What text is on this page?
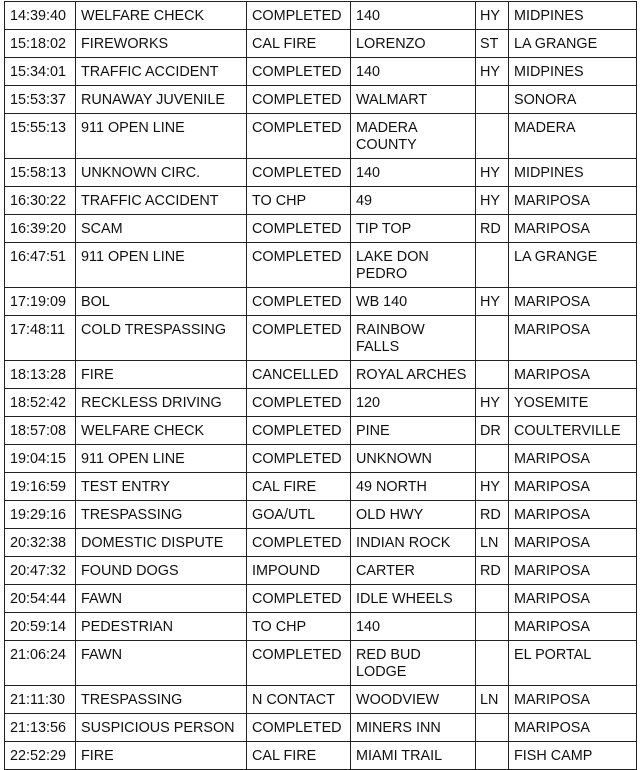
14:39:40	WELFARE CHECK	COMPLETED	140	HY	MIDPINES
15:18:02	FIREWORKS	CAL FIRE	LORENZO	ST	LA GRANGE
15:34:01	TRAFFIC ACCIDENT	COMPLETED	140	HY	MIDPINES
15:53:37	RUNAWAY JUVENILE	COMPLETED	WALMART		SONORA
15:55:13	911 OPEN LINE	COMPLETED	MADERA COUNTY		MADERA
15:58:13	UNKNOWN CIRC.	COMPLETED	140	HY	MIDPINES
16:30:22	TRAFFIC ACCIDENT	TO CHP	49	HY	MARIPOSA
16:39:20	SCAM	COMPLETED	TIP TOP	RD	MARIPOSA
16:47:51	911 OPEN LINE	COMPLETED	LAKE DON PEDRO		LA GRANGE
17:19:09	BOL	COMPLETED	WB 140	HY	MARIPOSA
17:48:11	COLD TRESPASSING	COMPLETED	RAINBOW FALLS		MARIPOSA
18:13:28	FIRE	CANCELLED	ROYAL ARCHES		MARIPOSA
18:52:42	RECKLESS DRIVING	COMPLETED	120	HY	YOSEMITE
18:57:08	WELFARE CHECK	COMPLETED	PINE	DR	COULTERVILLE
19:04:15	911 OPEN LINE	COMPLETED	UNKNOWN		MARIPOSA
19:16:59	TEST ENTRY	CAL FIRE	49 NORTH	HY	MARIPOSA
19:29:16	TRESPASSING	GOA/UTL	OLD HWY	RD	MARIPOSA
20:32:38	DOMESTIC DISPUTE	COMPLETED	INDIAN ROCK	LN	MARIPOSA
20:47:32	FOUND DOGS	IMPOUND	CARTER	RD	MARIPOSA
20:54:44	FAWN	COMPLETED	IDLE WHEELS		MARIPOSA
20:59:14	PEDESTRIAN	TO CHP	140		MARIPOSA
21:06:24	FAWN	COMPLETED	RED BUD LODGE		EL PORTAL
21:11:30	TRESPASSING	N CONTACT	WOODVIEW	LN	MARIPOSA
21:13:56	SUSPICIOUS PERSON	COMPLETED	MINERS INN		MARIPOSA
22:52:29	FIRE	CAL FIRE	MIAMI TRAIL		FISH CAMP
